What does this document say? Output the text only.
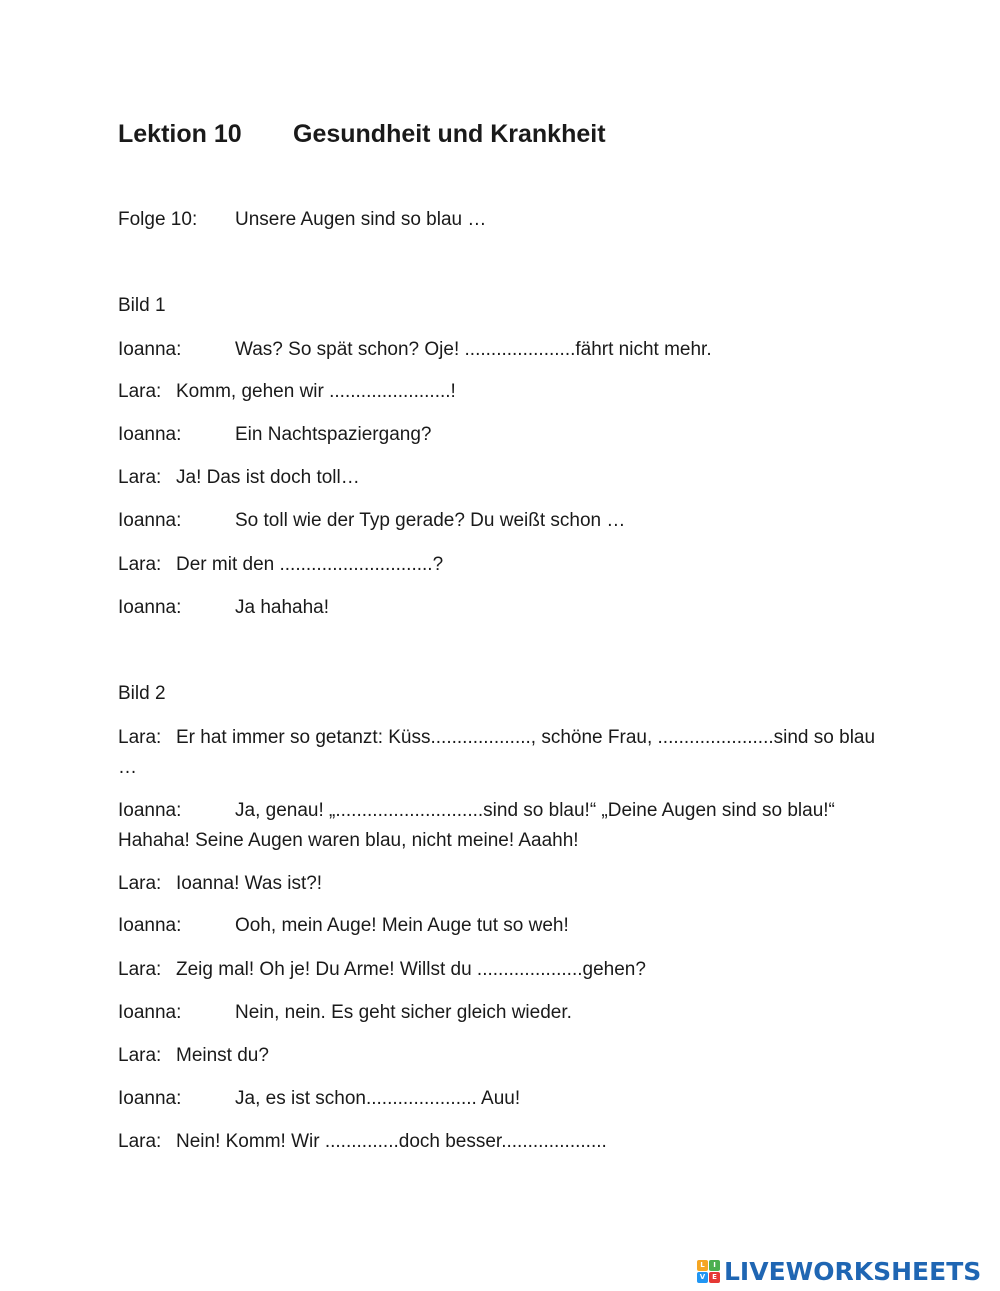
Lektion 10 Gesundheit und Krankheit
Folge 10: Unsere Augen sind so blau …
Bild 1
Ioanna:	Was? So spät schon? Oje! .....................fährt nicht mehr.
Lara: Komm, gehen wir .......................!
Ioanna:	Ein Nachtspaziergang?
Lara: Ja! Das ist doch toll…
Ioanna:	So toll wie der Typ gerade? Du weißt schon …
Lara: Der mit den .............................?
Ioanna:	Ja hahaha!
Bild 2
Lara: Er hat immer so getanzt: Küss..................., schöne Frau, ......................sind so blau …
Ioanna:	Ja, genau! „............................sind so blau!“ „Deine Augen sind so blau!“ Hahaha! Seine Augen waren blau, nicht meine! Aaahh!
Lara: Ioanna! Was ist?!
Ioanna:	Ooh, mein Auge! Mein Auge tut so weh!
Lara: Zeig mal! Oh je! Du Arme! Willst du ....................gehen?
Ioanna:	Nein, nein. Es geht sicher gleich wieder.
Lara: Meinst du?
Ioanna:	Ja, es ist schon..................... Auu!
Lara: Nein! Komm! Wir ..............doch besser....................
L	I
V E LIVEWORKSHEETS
